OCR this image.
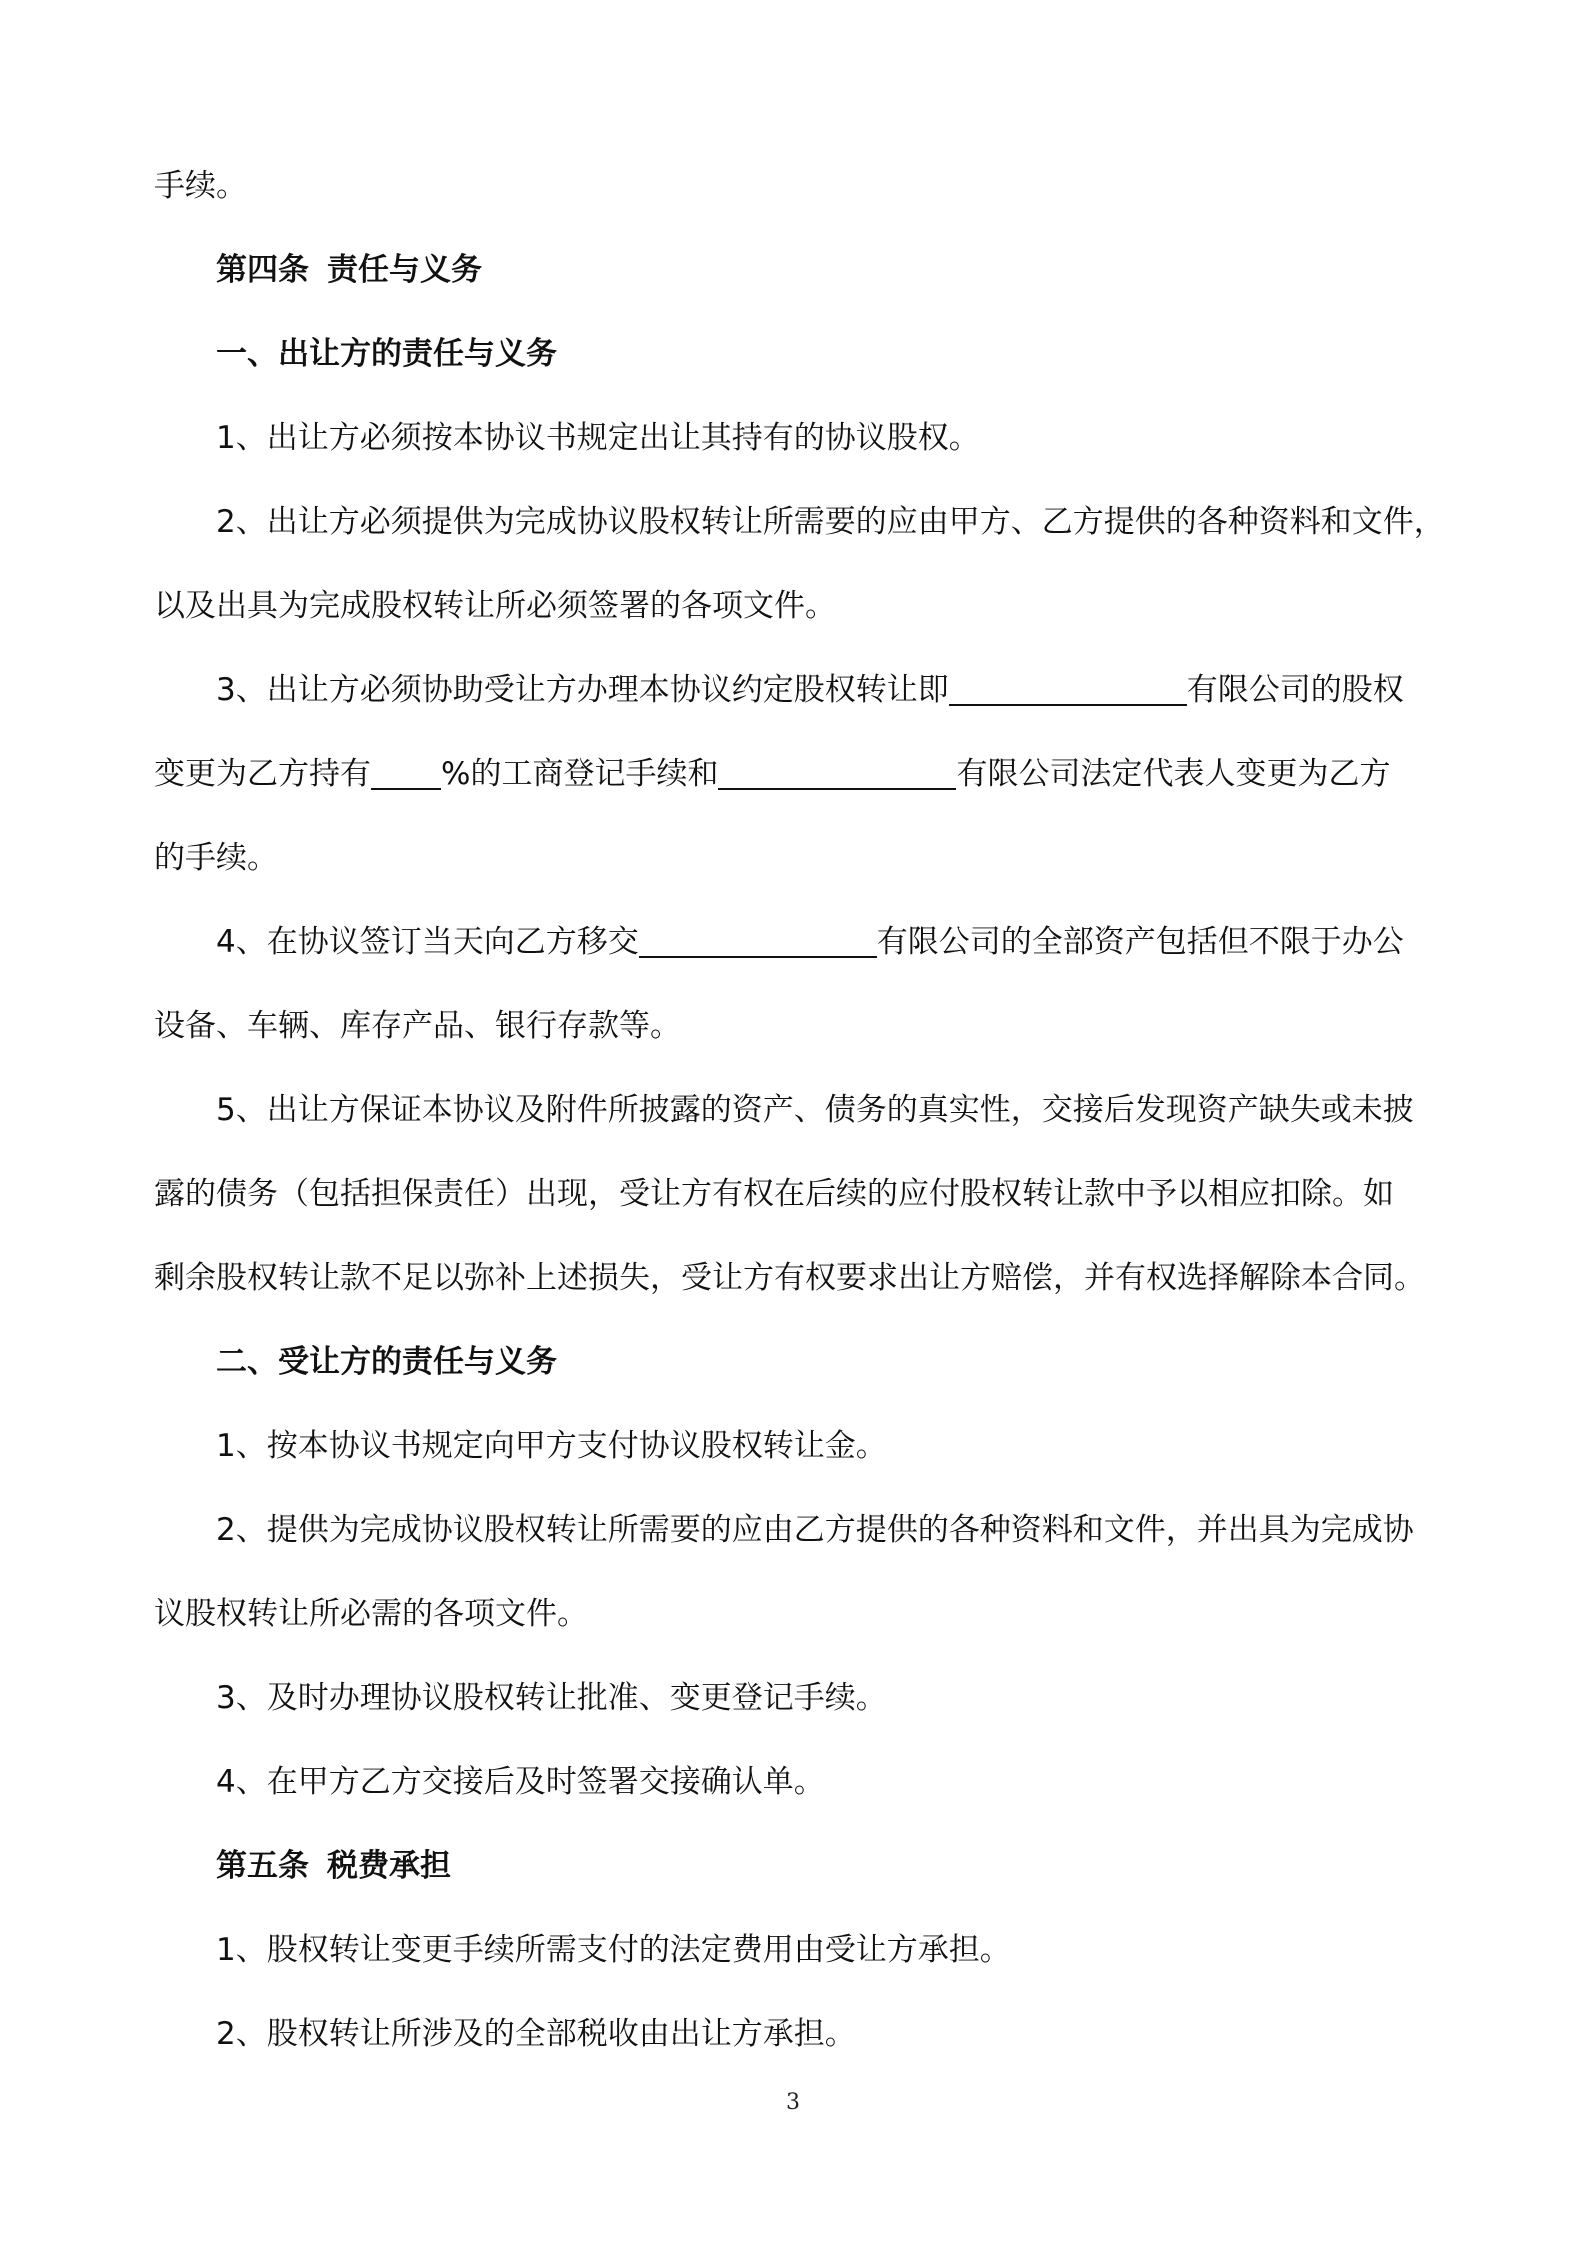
手续。
第四条 责任与义务
一、出让方的责任与义务
1、出让方必须按本协议书规定出让其持有的协议股权。
2、出让方必须提供为完成协议股权转让所需要的应由甲方、乙方提供的各种资料和文件，
以及出具为完成股权转让所必须签署的各项文件。
3、出让方必须协助受让方办理本协议约定股权转让即	有限公司的股权
变更为乙方持有 %的工商登记手续和	有限公司法定代表人变更为乙方
的手续。
4、在协议签订当天向乙方移交	有限公司的全部资产包括但不限于办公
设备、车辆、库存产品、银行存款等。
5、出让方保证本协议及附件所披露的资产、债务的真实性，交接后发现资产缺失或未披
露的债务（包括担保责任）出现，受让方有权在后续的应付股权转让款中予以相应扣除。如
剩余股权转让款不足以弥补上述损失，受让方有权要求出让方赔偿，并有权选择解除本合同。
二、受让方的责任与义务
1、按本协议书规定向甲方支付协议股权转让金。
2、提供为完成协议股权转让所需要的应由乙方提供的各种资料和文件，并出具为完成协
议股权转让所必需的各项文件。
3、及时办理协议股权转让批准、变更登记手续。
4、在甲方乙方交接后及时签署交接确认单。
第五条 税费承担
1、股权转让变更手续所需支付的法定费用由受让方承担。
2、股权转让所涉及的全部税收由出让方承担。
3
